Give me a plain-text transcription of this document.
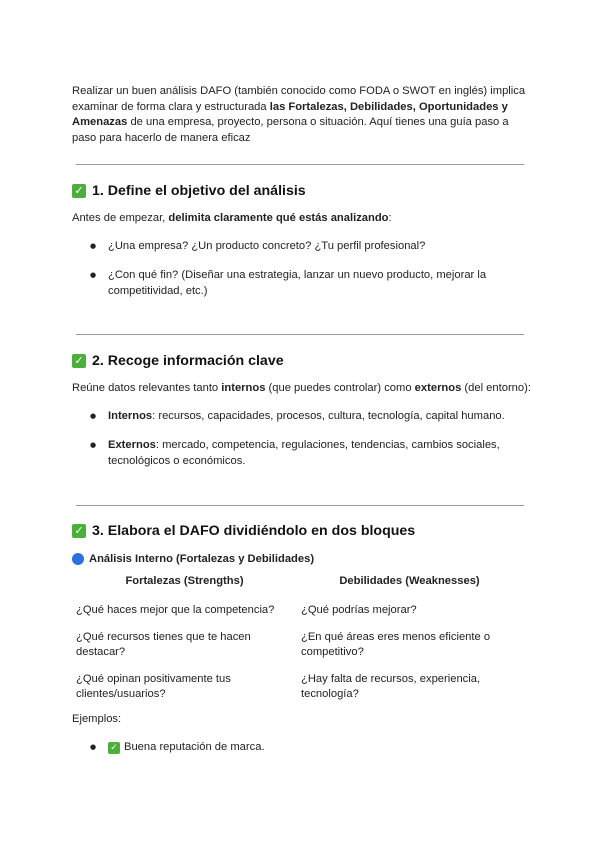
Realizar un buen análisis DAFO (también conocido como FODA o SWOT en inglés) implica examinar de forma clara y estructurada las Fortalezas, Debilidades, Oportunidades y Amenazas de una empresa, proyecto, persona o situación. Aquí tienes una guía paso a paso para hacerlo de manera eficaz

✓ 1. Define el objetivo del análisis

Antes de empezar, delimita claramente qué estás analizando:

● ¿Una empresa? ¿Un producto concreto? ¿Tu perfil profesional?
● ¿Con qué fin? (Diseñar una estrategia, lanzar un nuevo producto, mejorar la competitividad, etc.)
✓ 2. Recoge información clave

Reúne datos relevantes tanto internos (que puedes controlar) como externos (del entorno):

● Internos: recursos, capacidades, procesos, cultura, tecnología, capital humano.
● Externos: mercado, competencia, regulaciones, tendencias, cambios sociales, tecnológicos o económicos.
✓ 3. Elabora el DAFO dividiéndolo en dos bloques
Análisis Interno (Fortalezas y Debilidades)
Fortalezas (Strengths)	Debilidades (Weaknesses)
¿Qué haces mejor que la competencia?	¿Qué podrías mejorar?
¿Qué recursos tienes que te hacen destacar?	¿En qué áreas eres menos eficiente o competitivo?
¿Qué opinan positivamente tus clientes/usuarios?	¿Hay falta de recursos, experiencia, tecnología?

Ejemplos:

● ✓ Buena reputación de marca.
